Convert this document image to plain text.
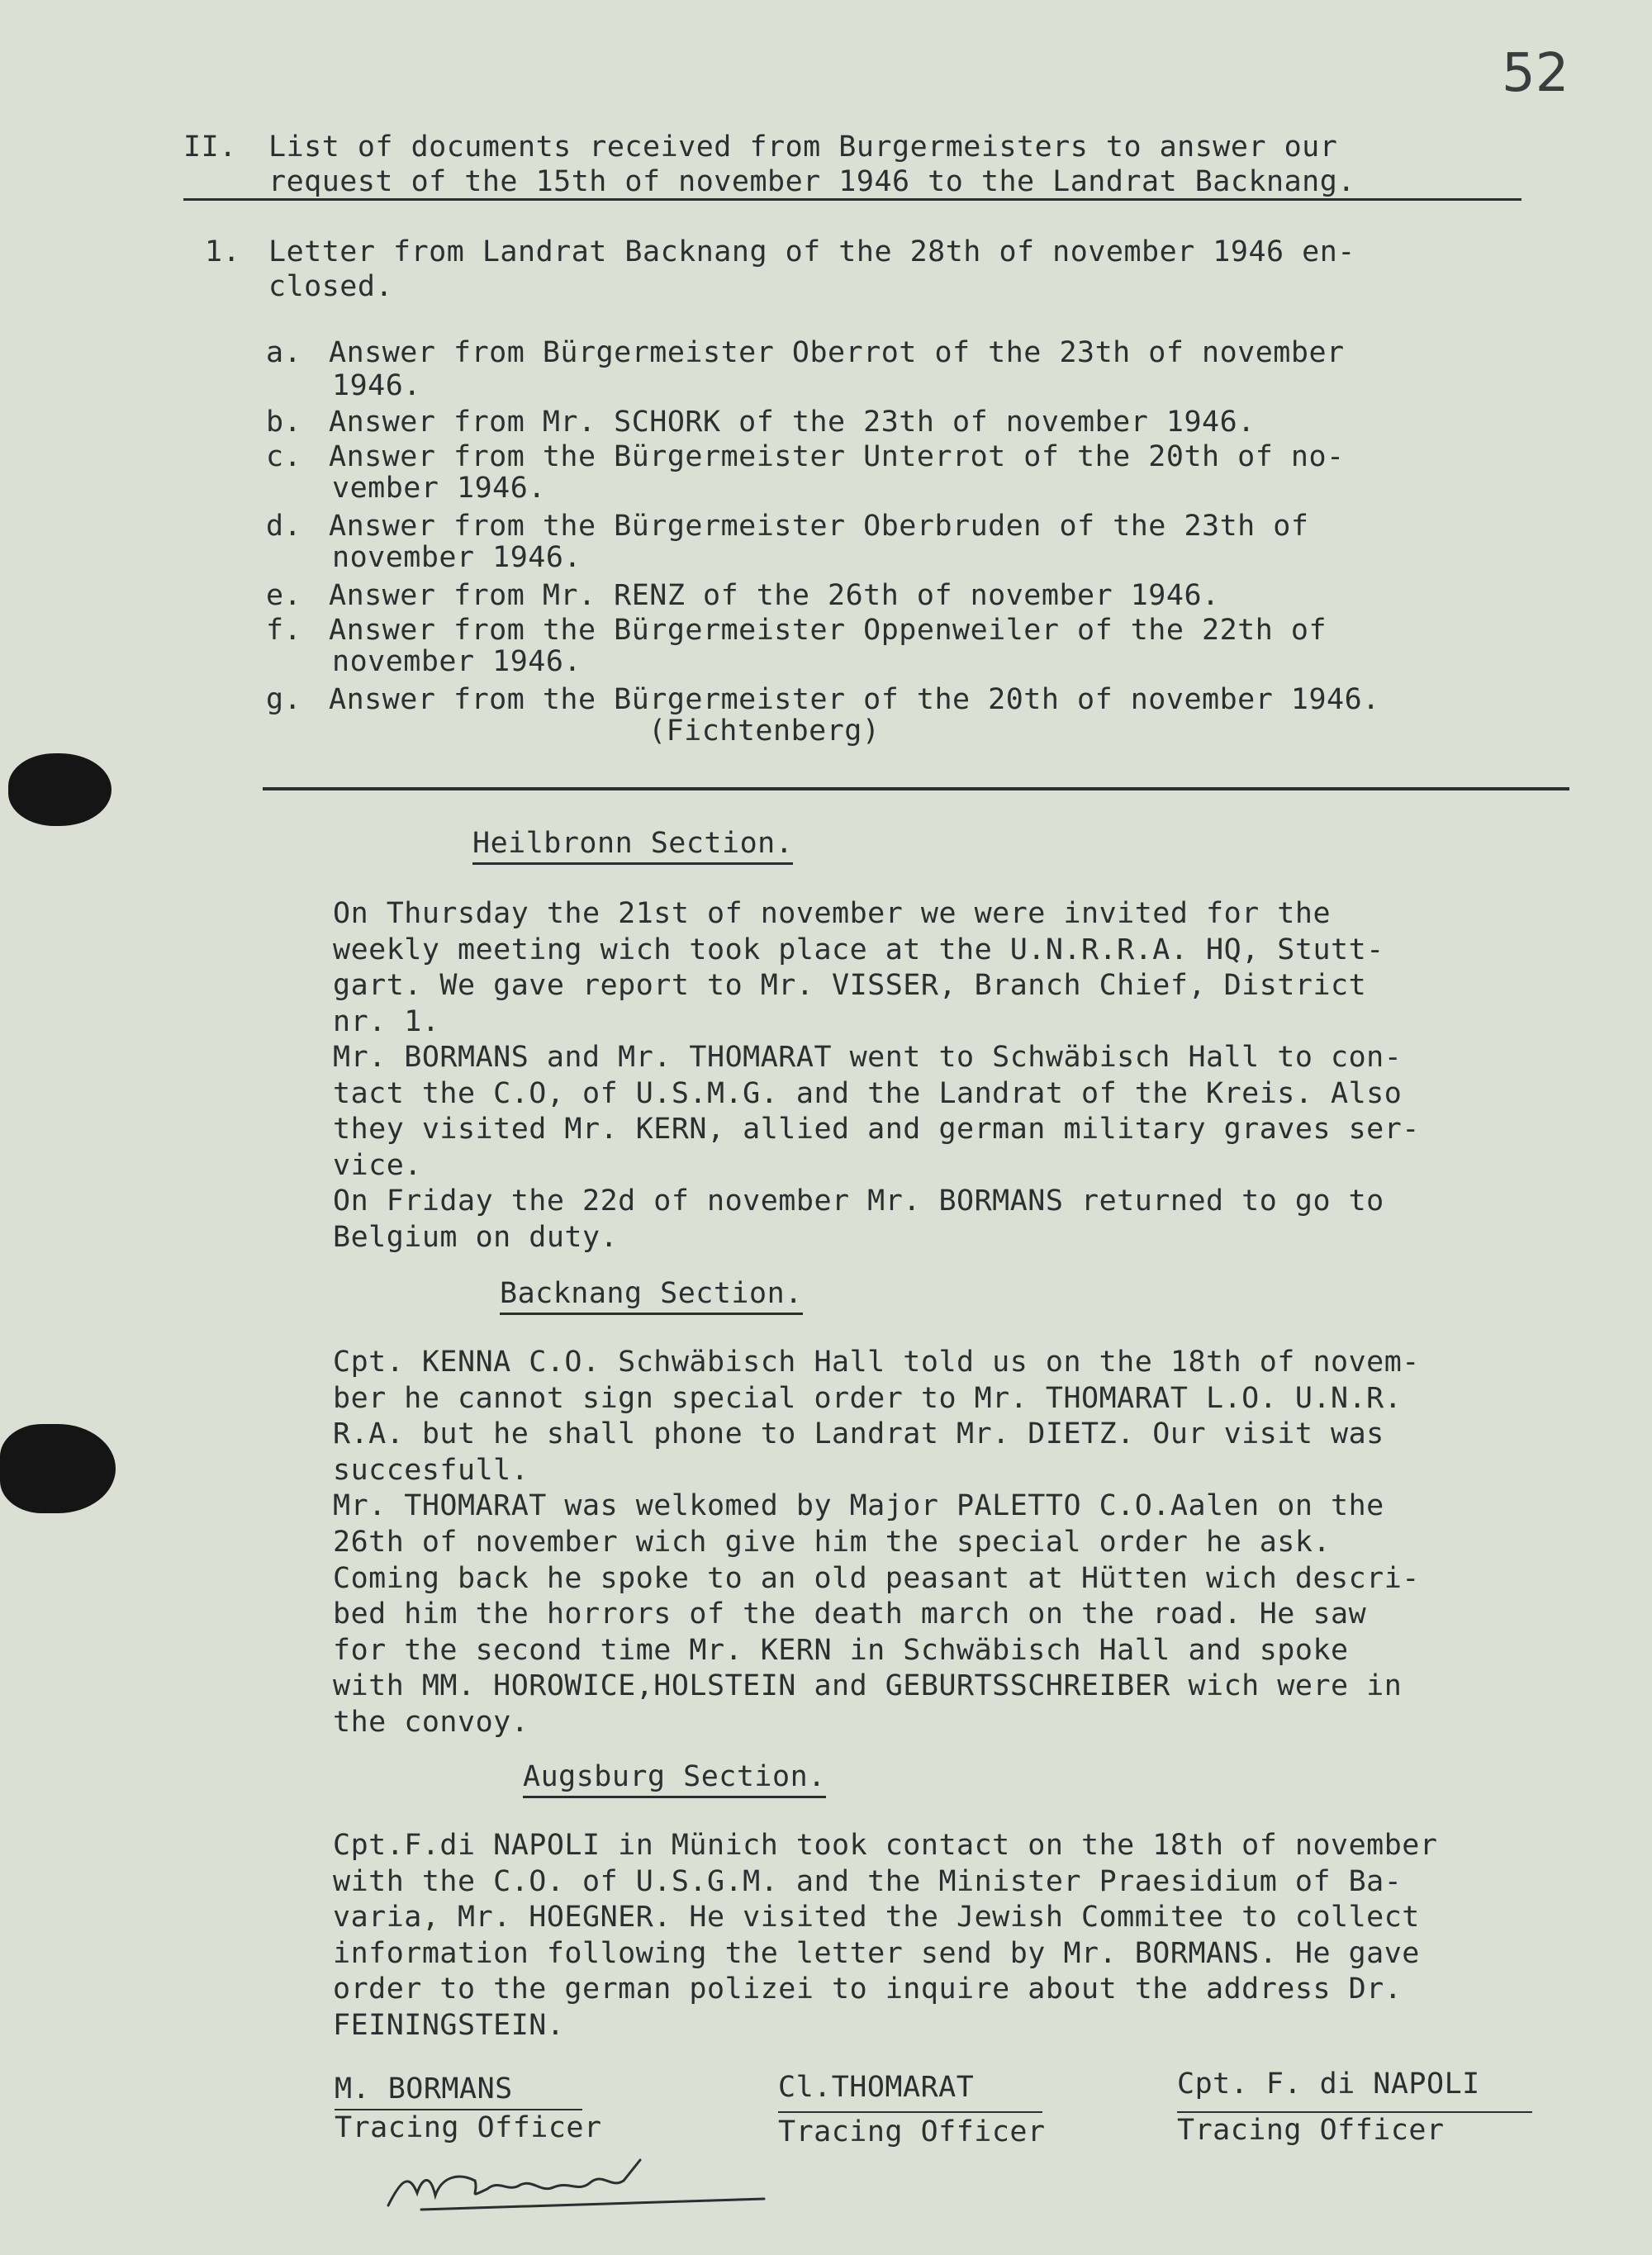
52
II. List of documents received from Burgermeisters to answer our
request of the 15th of november 1946 to the Landrat Backnang.
1. Letter from Landrat Backnang of the 28th of november 1946 en-
closed.
a. Answer from Bürgermeister Oberrot of the 23th of november
1946.
b. Answer from Mr. SCHORK of the 23th of november 1946.
c. Answer from the Bürgermeister Unterrot of the 20th of no-
vember 1946.
d. Answer from the Bürgermeister Oberbruden of the 23th of
november 1946.
e. Answer from Mr. RENZ of the 26th of november 1946.
f. Answer from the Bürgermeister Oppenweiler of the 22th of
november 1946.
g. Answer from the Bürgermeister of the 20th of november 1946.
(Fichtenberg)
Heilbronn Section.
On Thursday the 21st of november we were invited for the
weekly meeting wich took place at the U.N.R.R.A. HQ, Stutt-
gart. We gave report to Mr. VISSER, Branch Chief, District
nr. 1.
Mr. BORMANS and Mr. THOMARAT went to Schwäbisch Hall to con-
tact the C.O, of U.S.M.G. and the Landrat of the Kreis. Also
they visited Mr. KERN, allied and german military graves ser-
vice.
On Friday the 22d of november Mr. BORMANS returned to go to
Belgium on duty.
Backnang Section.
Cpt. KENNA C.O. Schwäbisch Hall told us on the 18th of novem-
ber he cannot sign special order to Mr. THOMARAT L.O. U.N.R.
R.A. but he shall phone to Landrat Mr. DIETZ. Our visit was
succesfull.
Mr. THOMARAT was welkomed by Major PALETTO C.O.Aalen on the
26th of november wich give him the special order he ask.
Coming back he spoke to an old peasant at Hütten wich descri-
bed him the horrors of the death march on the road. He saw
for the second time Mr. KERN in Schwäbisch Hall and spoke
with MM. HOROWICE,HOLSTEIN and GEBURTSSCHREIBER wich were in
the convoy.
Augsburg Section.
Cpt.F.di NAPOLI in Münich took contact on the 18th of november
with the C.O. of U.S.G.M. and the Minister Praesidium of Ba-
varia, Mr. HOEGNER. He visited the Jewish Commitee to collect
information following the letter send by Mr. BORMANS. He gave
order to the german polizei to inquire about the address Dr.
FEININGSTEIN.
M. BORMANS
Tracing Officer
Cl.THOMARAT
Tracing Officer
Cpt. F. di NAPOLI
Tracing Officer
